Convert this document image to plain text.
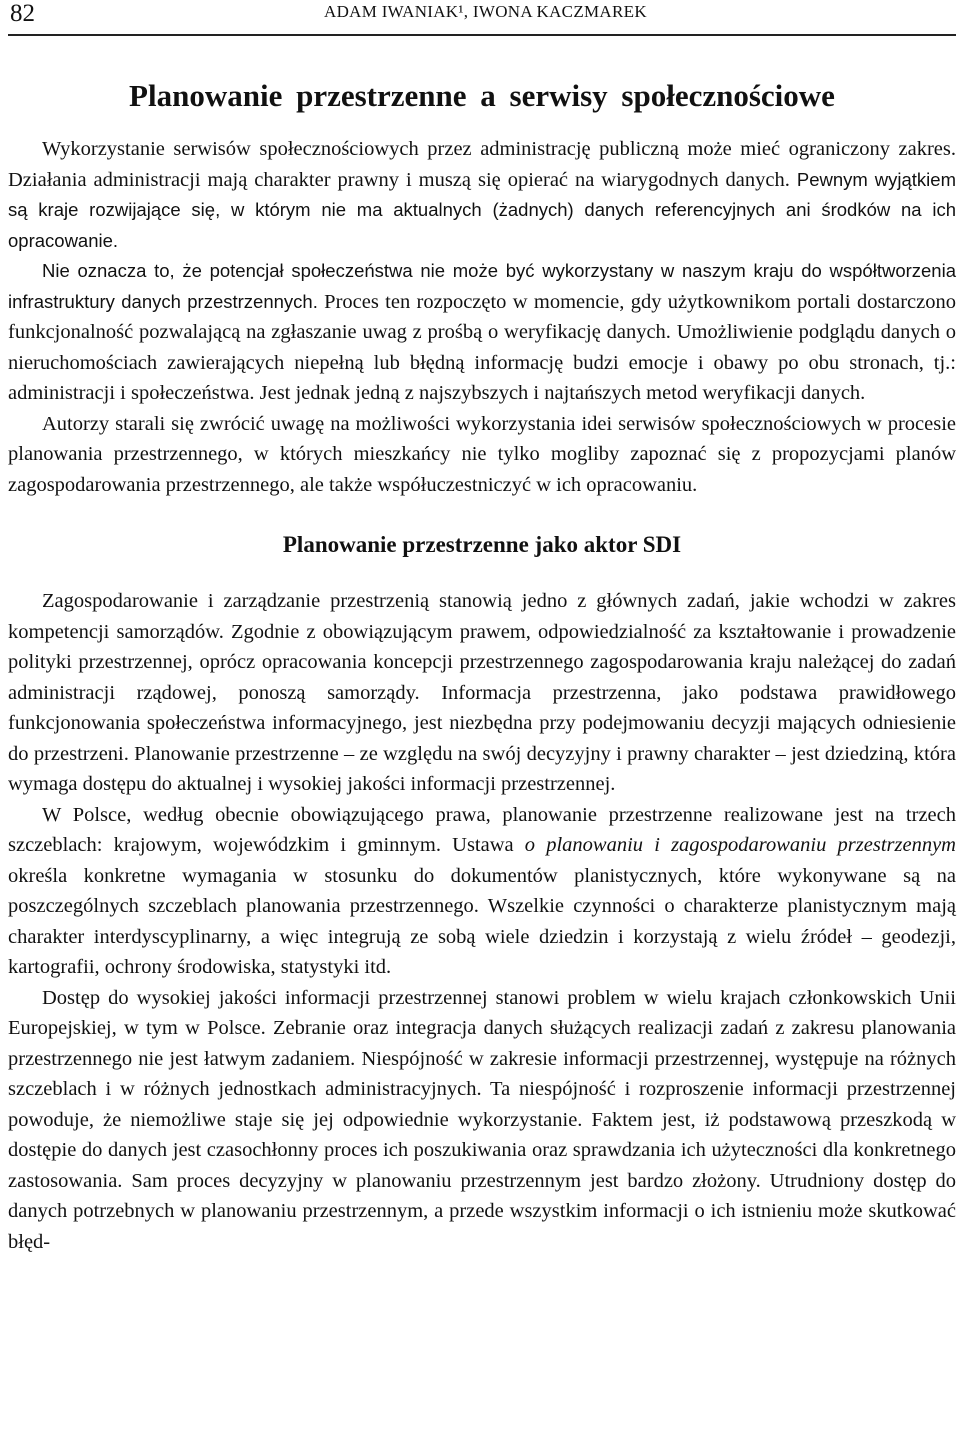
82	ADAM IWANIAK¹, IWONA KACZMAREK
Planowanie przestrzenne a serwisy społecznościowe

Wykorzystanie serwisów społecznościowych przez administrację publiczną może mieć ograniczony zakres. Działania administracji mają charakter prawny i muszą się opierać na wiarygodnych danych. Pewnym wyjątkiem są kraje rozwijające się, w którym nie ma aktualnych (żadnych) danych referencyjnych ani środków na ich opracowanie.

Nie oznacza to, że potencjał społeczeństwa nie może być wykorzystany w naszym kraju do współtworzenia infrastruktury danych przestrzennych. Proces ten rozpoczęto w momencie, gdy użytkownikom portali dostarczono funkcjonalność pozwalającą na zgłaszanie uwag z prośbą o weryfikację danych. Umożliwienie podglądu danych o nieruchomościach zawierających niepełną lub błędną informację budzi emocje i obawy po obu stronach, tj.: administracji i społeczeństwa. Jest jednak jedną z najszybszych i najtańszych metod weryfikacji danych.

Autorzy starali się zwrócić uwagę na możliwości wykorzystania idei serwisów społecznościowych w procesie planowania przestrzennego, w których mieszkańcy nie tylko mogliby zapoznać się z propozycjami planów zagospodarowania przestrzennego, ale także współuczestniczyć w ich opracowaniu.

Planowanie przestrzenne jako aktor SDI

Zagospodarowanie i zarządzanie przestrzenią stanowią jedno z głównych zadań, jakie wchodzi w zakres kompetencji samorządów. Zgodnie z obowiązującym prawem, odpowiedzialność za kształtowanie i prowadzenie polityki przestrzennej, oprócz opracowania koncepcji przestrzennego zagospodarowania kraju należącej do zadań administracji rządowej, ponoszą samorządy. Informacja przestrzenna, jako podstawa prawidłowego funkcjonowania społeczeństwa informacyjnego, jest niezbędna przy podejmowaniu decyzji mających odniesienie do przestrzeni. Planowanie przestrzenne – ze względu na swój decyzyjny i prawny charakter – jest dziedziną, która wymaga dostępu do aktualnej i wysokiej jakości informacji przestrzennej.

W Polsce, według obecnie obowiązującego prawa, planowanie przestrzenne realizowane jest na trzech szczeblach: krajowym, wojewódzkim i gminnym. Ustawa o planowaniu i zagospodarowaniu przestrzennym określa konkretne wymagania w stosunku do dokumentów planistycznych, które wykonywane są na poszczególnych szczeblach planowania przestrzennego. Wszelkie czynności o charakterze planistycznym mają charakter interdyscyplinarny, a więc integrują ze sobą wiele dziedzin i korzystają z wielu źródeł – geodezji, kartografii, ochrony środowiska, statystyki itd.

Dostęp do wysokiej jakości informacji przestrzennej stanowi problem w wielu krajach członkowskich Unii Europejskiej, w tym w Polsce. Zebranie oraz integracja danych służących realizacji zadań z zakresu planowania przestrzennego nie jest łatwym zadaniem. Niespójność w zakresie informacji przestrzennej, występuje na różnych szczeblach i w różnych jednostkach administracyjnych. Ta niespójność i rozproszenie informacji przestrzennej powoduje, że niemożliwe staje się jej odpowiednie wykorzystanie. Faktem jest, iż podstawową przeszkodą w dostępie do danych jest czasochłonny proces ich poszukiwania oraz sprawdzania ich użyteczności dla konkretnego zastosowania. Sam proces decyzyjny w planowaniu przestrzennym jest bardzo złożony. Utrudniony dostęp do danych potrzebnych w planowaniu przestrzennym, a przede wszystkim informacji o ich istnieniu może skutkować błęd-
